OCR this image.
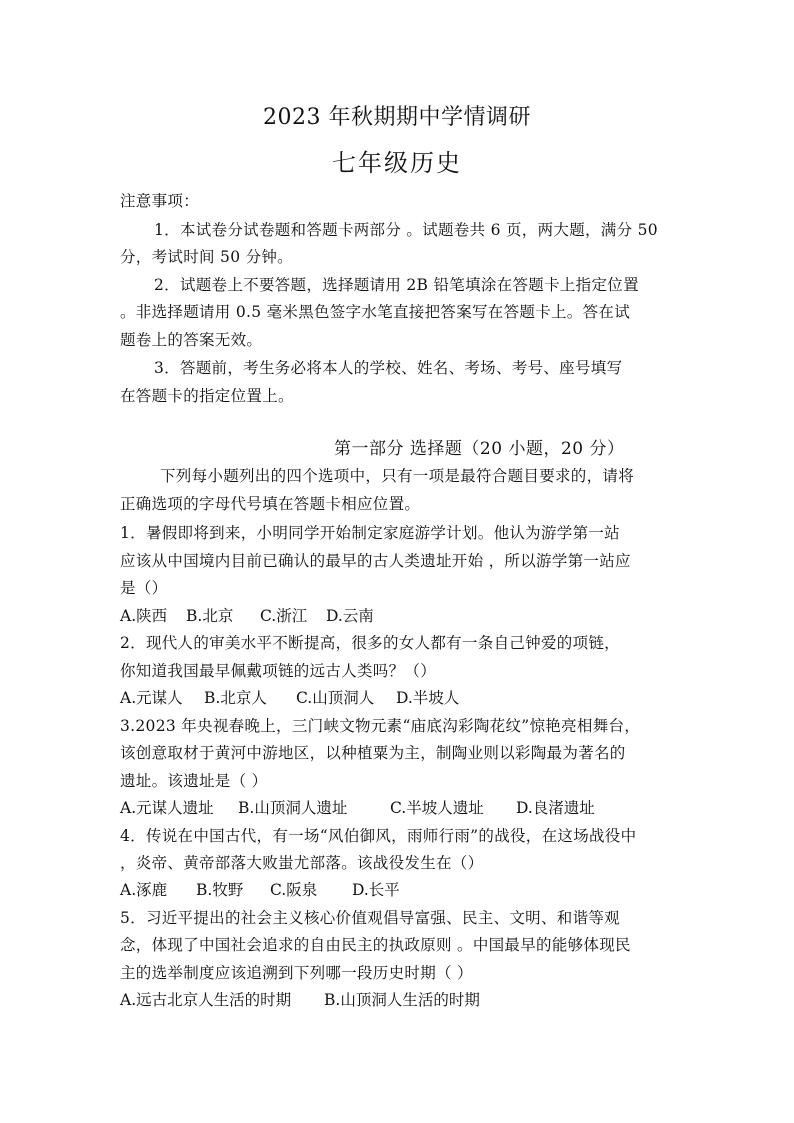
2023 年秋期期中学情调研
七年级历史
注意事项：
1．本试卷分试卷题和答题卡两部分 。试题卷共 6 页，两大题，满分 50
分，考试时间 50 分钟。
2．试题卷上不要答题，选择题请用 2B 铅笔填涂在答题卡上指定位置
。非选择题请用 0.5 毫米黑色签字水笔直接把答案写在答题卡上。答在试
题卷上的答案无效。
3．答题前，考生务必将本人的学校、姓名、考场、考号、座号填写
在答题卡的指定位置上。
第一部分 选择题（20 小题，20 分）
下列每小题列出的四个选项中，只有一项是最符合题目要求的，请将
正确选项的字母代号填在答题卡相应位置。
1．暑假即将到来，小明同学开始制定家庭游学计划。他认为游学第一站
应该从中国境内目前已确认的最早的古人类遗址开始 ，所以游学第一站应
是（）
A.陕西 B.北京 C.浙江 D.云南
2．现代人的审美水平不断提高，很多的女人都有一条自己钟爱的项链，
你知道我国最早佩戴项链的远古人类吗？（）
A.元谋人 B.北京人 C.山顶洞人 D.半坡人
3.2023 年央视春晚上，三门峡文物元素“庙底沟彩陶花纹”惊艳亮相舞台，
该创意取材于黄河中游地区，以种植粟为主，制陶业则以彩陶最为著名的
遗址。该遗址是（ ）
A.元谋人遗址 B.山顶洞人遗址	C.半坡人遗址 D.良渚遗址
4．传说在中国古代，有一场“风伯御风，雨师行雨”的战役，在这场战役中
，炎帝、黄帝部落大败蚩尤部落。该战役发生在（）
A.涿鹿 B.牧野 C.阪泉 D.长平
5．习近平提出的社会主义核心价值观倡导富强、民主、文明、和谐等观
念，体现了中国社会追求的自由民主的执政原则 。中国最早的能够体现民
主的选举制度应该追溯到下列哪一段历史时期（ ）
A.远古北京人生活的时期 B.山顶洞人生活的时期
